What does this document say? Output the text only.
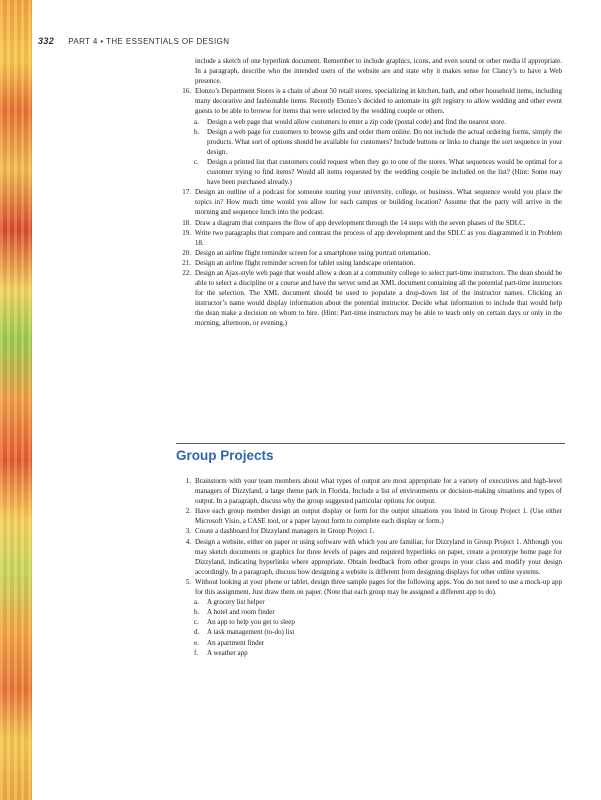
332 PART 4 • THE ESSENTIALS OF DESIGN

include a sketch of one hyperlink document. Remember to include graphics, icons, and even sound or other media if appropriate. In a paragraph, describe who the intended users of the website are and state why it makes sense for Clancy’s to have a Web presence.

16. Elonzo’s Department Stores is a chain of about 50 retail stores, specializing in kitchen, bath, and other household items, including many decorative and fashionable items. Recently Elonzo’s decided to automate its gift registry to allow wedding and other event guests to be able to browse for items that were selected by the wedding couple or others.
a. Design a web page that would allow customers to enter a zip code (postal code) and find the nearest store.
b. Design a web page for customers to browse gifts and order them online. Do not include the actual ordering forms, simply the products. What sort of options should be available for customers? Include buttons or links to change the sort sequence in your design.
c. Design a printed list that customers could request when they go to one of the stores. What sequences would be optimal for a customer trying to find items? Would all items requested by the wedding couple be included on the list? (Hint: Some may have been purchased already.)
17. Design an outline of a podcast for someone touring your university, college, or business. What sequence would you place the topics in? How much time would you allow for each campus or building location? Assume that the party will arrive in the morning and sequence lunch into the podcast.
18. Draw a diagram that compares the flow of app development through the 14 steps with the seven phases of the SDLC.
19. Write two paragraphs that compare and contrast the process of app development and the SDLC as you diagrammed it in Problem 18.
20. Design an airline flight reminder screen for a smartphone using portrait orientation.
21. Design an airline flight reminder screen for tablet using landscape orientation.
22. Design an Ajax-style web page that would allow a dean at a community college to select part-time instructors. The dean should be able to select a discipline or a course and have the server send an XML document containing all the potential part-time instructors for the selection. The XML document should be used to populate a drop-down list of the instructor names. Clicking an instructor’s name would display information about the potential instructor. Decide what information to include that would help the dean make a decision on whom to hire. (Hint: Part-time instructors may be able to teach only on certain days or only in the morning, afternoon, or evening.)
Group Projects
1. Brainstorm with your team members about what types of output are most appropriate for a variety of executives and high-level managers of Dizzyland, a large theme park in Florida. Include a list of environments or decision-making situations and types of output. In a paragraph, discuss why the group suggested particular options for output.
2. Have each group member design an output display or form for the output situations you listed in Group Project 1. (Use either Microsoft Visio, a CASE tool, or a paper layout form to complete each display or form.)
3. Create a dashboard for Dizzyland managers in Group Project 1.
4. Design a website, either on paper or using software with which you are familiar, for Dizzyland in Group Project 1. Although you may sketch documents or graphics for three levels of pages and required hyperlinks on paper, create a prototype home page for Dizzyland, indicating hyperlinks where appropriate. Obtain feedback from other groups in your class and modify your design accordingly. In a paragraph, discuss how designing a website is different from designing displays for other online systems.
5. Without looking at your phone or tablet, design three sample pages for the following apps. You do not need to use a mock-up app for this assignment. Just draw them on paper. (Note that each group may be assigned a different app to do).
a. A grocery list helper
b. A hotel and room finder
c. An app to help you get to sleep
d. A task management (to-do) list
e. An apartment finder
f. A weather app
